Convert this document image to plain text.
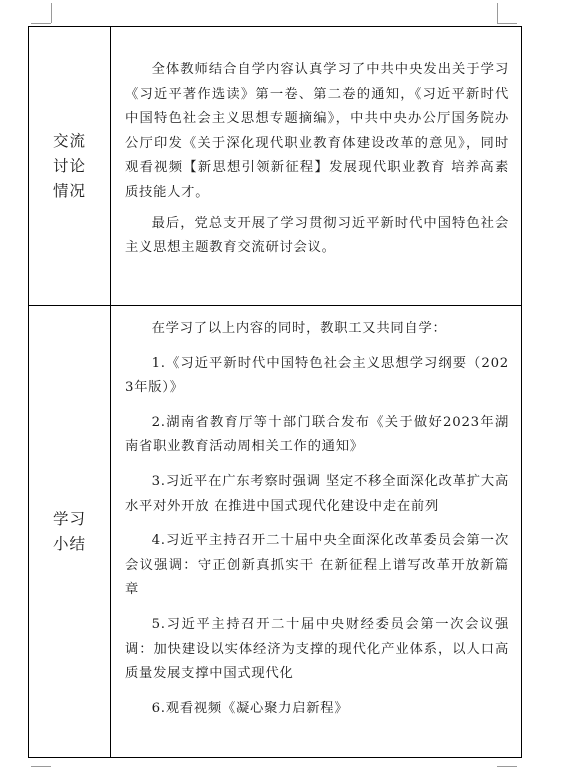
交流讨论情况

全体教师结合自学内容认真学习了中共中央发出关于学习《习近平著作选读》第一卷、第二卷的通知，《习近平新时代中国特色社会主义思想专题摘编》，中共中央办公厅国务院办公厅印发《关于深化现代职业教育体建设改革的意见》，同时观看视频【新思想引领新征程】发展现代职业教育 培养高素质技能人才。

最后，党总支开展了学习贯彻习近平新时代中国特色社会主义思想主题教育交流研讨会议。

学习小结

在学习了以上内容的同时，教职工又共同自学：

1.《习近平新时代中国特色社会主义思想学习纲要（2023年版）》

2.湖南省教育厅等十部门联合发布《关于做好2023年湖南省职业教育活动周相关工作的通知》

3.习近平在广东考察时强调 坚定不移全面深化改革扩大高水平对外开放 在推进中国式现代化建设中走在前列

4.习近平主持召开二十届中央全面深化改革委员会第一次会议强调：守正创新真抓实干 在新征程上谱写改革开放新篇章

5.习近平主持召开二十届中央财经委员会第一次会议强调：加快建设以实体经济为支撑的现代化产业体系，以人口高质量发展支撑中国式现代化

6.观看视频《凝心聚力启新程》
